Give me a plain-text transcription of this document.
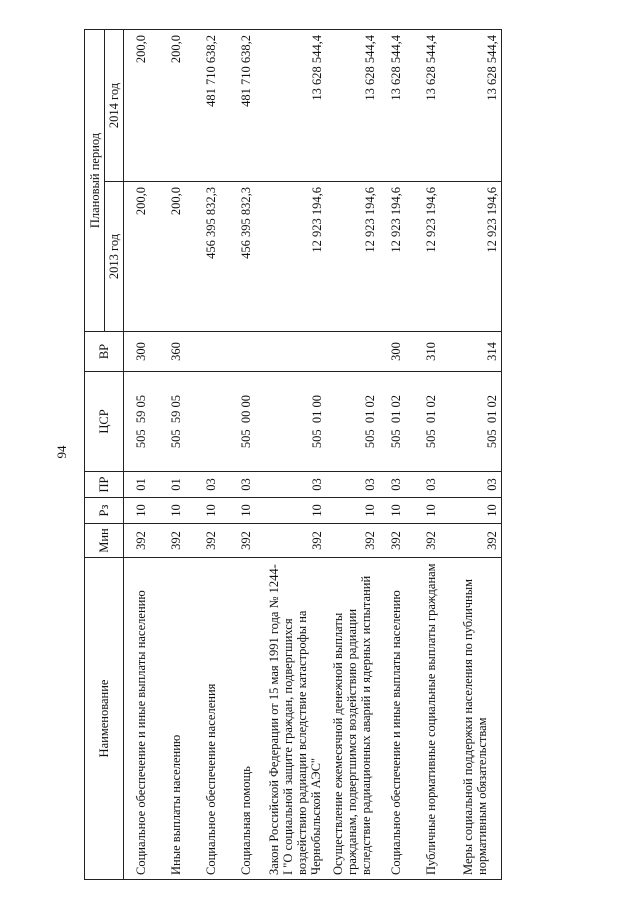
94
Наименование	Мин	Рз	ПР	ЦСР	ВР	Плановый период	
						2013 год	2014 год
Социальное обеспечение и иные выплаты населению	392	10	01	505  59 05	300	200,0	200,0
Иные выплаты населению	392	10	01	505  59 05	360	200,0	200,0
Социальное обеспечение населения	392	10	03			456 395 832,3	481 710 638,2
Социальная помощь	392	10	03	505  00 00		456 395 832,3	481 710 638,2
Закон Российской Федерации от 15 мая 1991 года № 1244-I "О социальной защите граждан, подвергшихся воздействию радиации вследствие катастрофы на Чернобыльской АЭС"	392	10	03	505  01 00		12 923 194,6	13 628 544,4
Осуществление ежемесячной денежной выплаты гражданам, подвергшимся воздействию радиации вследствие радиационных аварий и ядерных испытаний	392	10	03	505  01 02		12 923 194,6	13 628 544,4
Социальное обеспечение и иные выплаты населению	392	10	03	505  01 02	300	12 923 194,6	13 628 544,4
Публичные нормативные социальные выплаты гражданам	392	10	03	505  01 02	310	12 923 194,6	13 628 544,4
Меры социальной поддержки населения по публичным нормативным обязательствам	392	10	03	505  01 02	314	12 923 194,6	13 628 544,4
